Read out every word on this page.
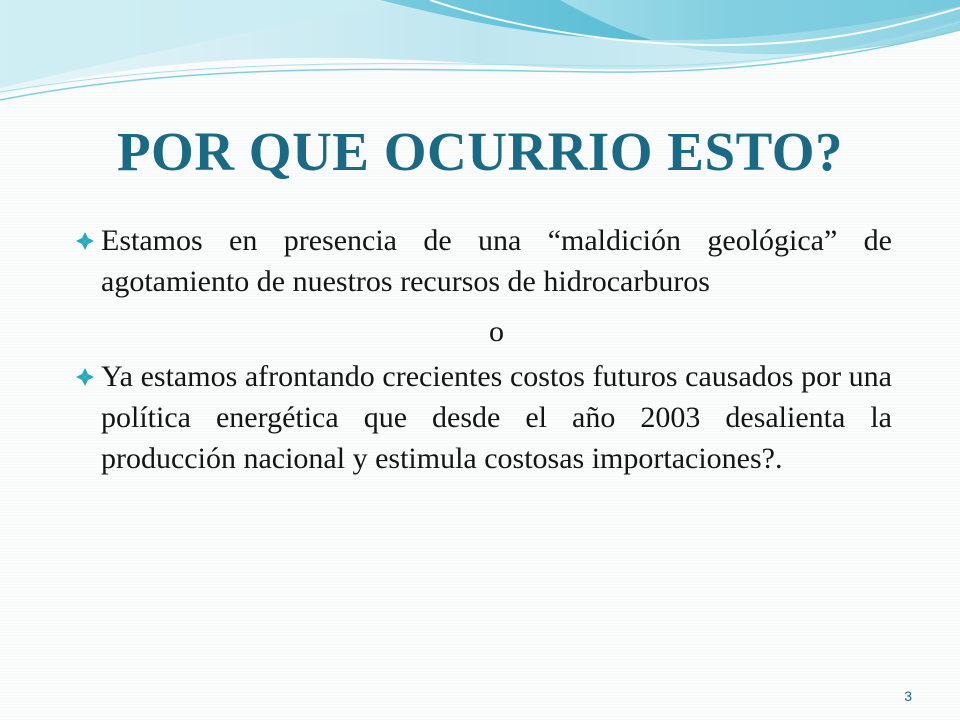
POR QUE OCURRIO ESTO?
Estamos en presencia de una “maldición geológica” de agotamiento de nuestros recursos de hidrocarburos
o
Ya estamos afrontando crecientes costos futuros causados por una política energética que desde el año 2003 desalienta la producción nacional y estimula costosas importaciones?.
3
